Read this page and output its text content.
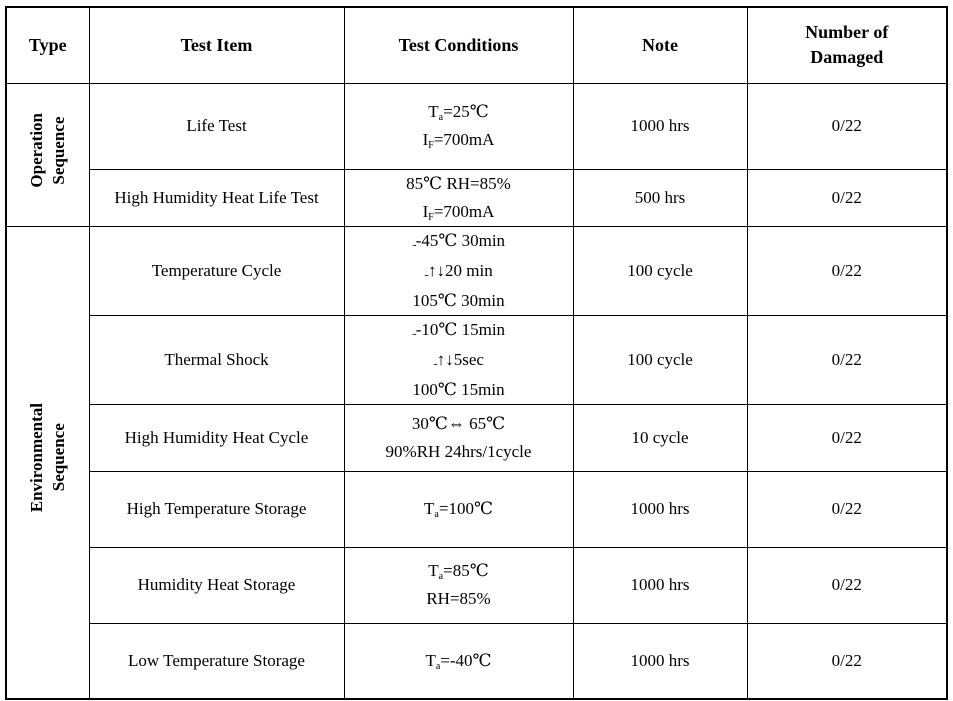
Type	Test Item	Test Conditions	Note	Number of
Damaged

Operation Sequence	Life Test	$T_a=25℃$
$I_F=700mA$	1000 hrs	0/22
	High Humidity Heat Life Test	85℃ RH=85%
$I_F=700mA$	500 hrs	0/22

Environmental Sequence	Temperature Cycle	...-45℃ 30min
...↑↓20 min
105℃ 30min	100 cycle	0/22
	Thermal Shock	...-10℃ 15min
...↑↓5sec
100℃ 15min	100 cycle	0/22
	High Humidity Heat Cycle	30℃⇔ 65℃
90%RH 24hrs/1cycle	10 cycle	0/22
	High Temperature Storage	$T_a=100℃$	1000 hrs	0/22
	Humidity Heat Storage	$T_a=85℃$
RH=85%	1000 hrs	0/22
	Low Temperature Storage	$T_a=-40℃$	1000 hrs	0/22
